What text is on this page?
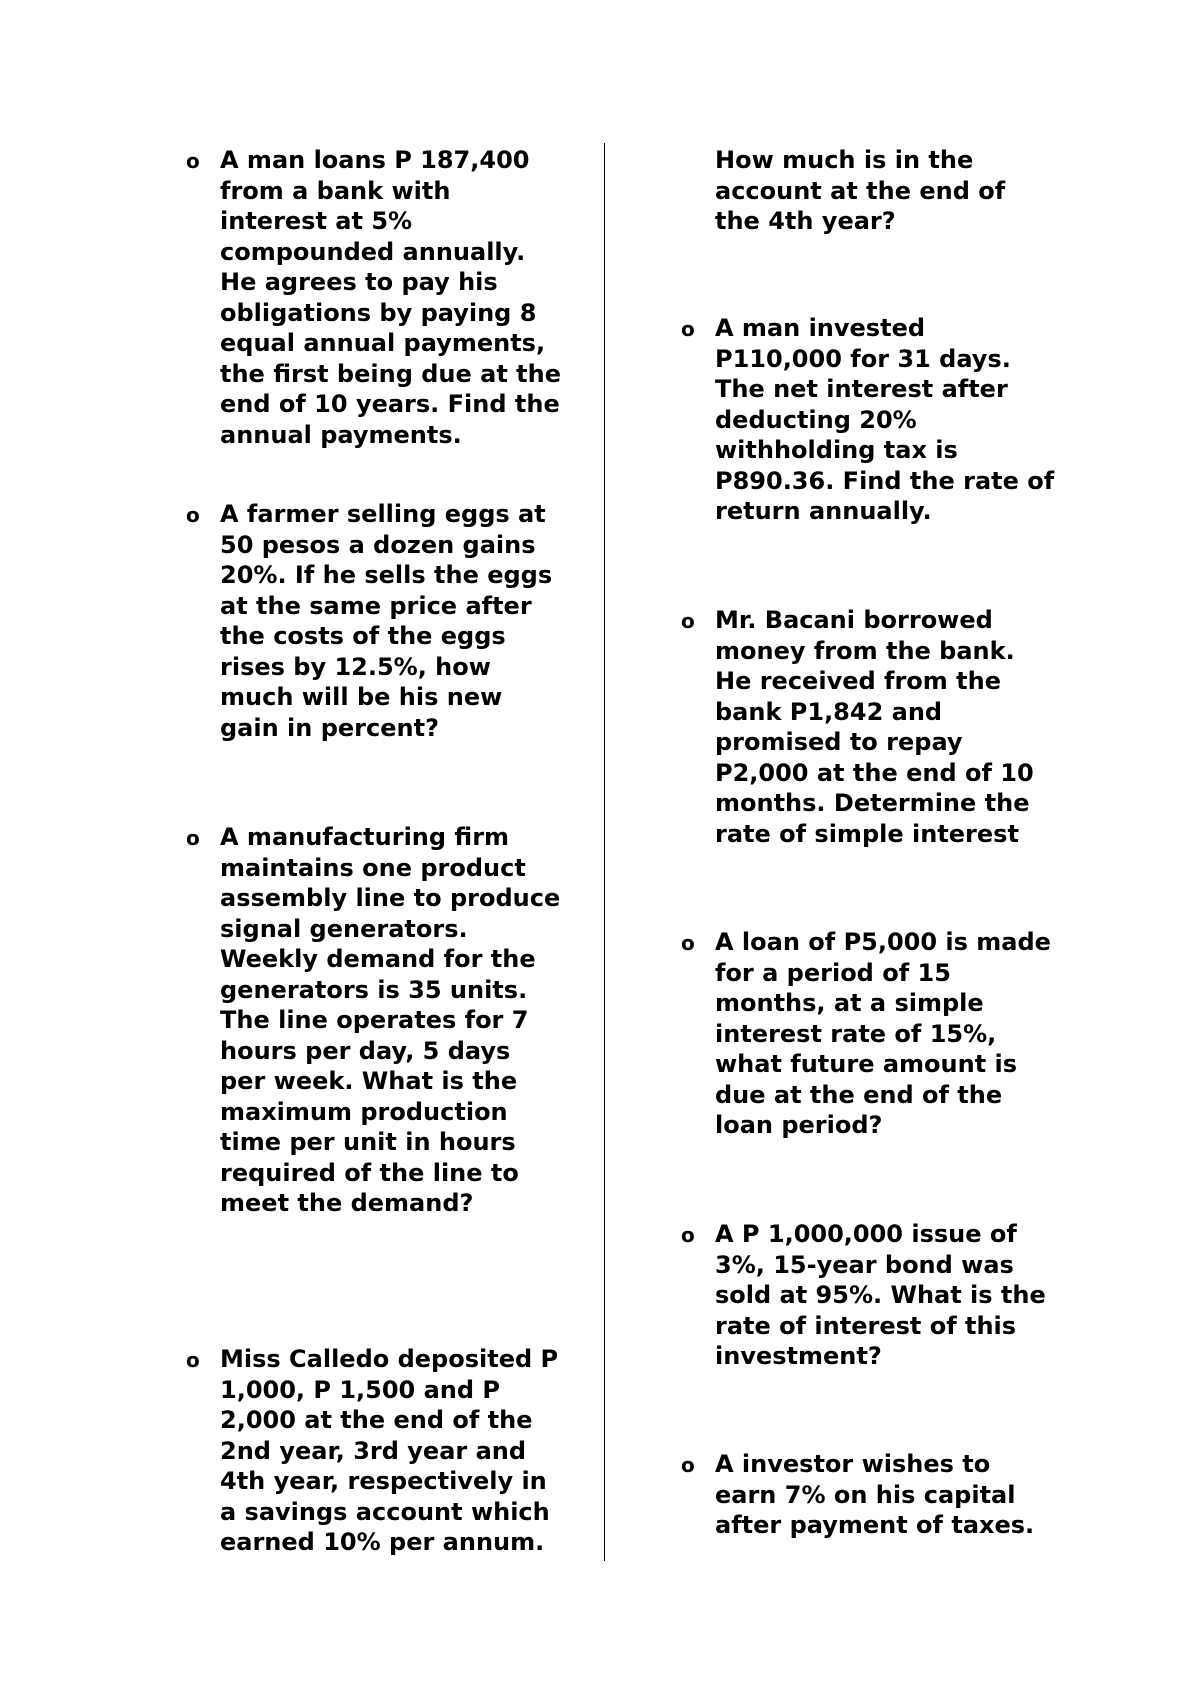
o A man loans P 187,400
from a bank with
interest at 5%
compounded annually.
He agrees to pay his
obligations by paying 8
equal annual payments,
the first being due at the
end of 10 years. Find the
annual payments.

o A farmer selling eggs at
50 pesos a dozen gains
20%. If he sells the eggs
at the same price after
the costs of the eggs
rises by 12.5%, how
much will be his new
gain in percent?

o A manufacturing firm
maintains one product
assembly line to produce
signal generators.
Weekly demand for the
generators is 35 units.
The line operates for 7
hours per day, 5 days
per week. What is the
maximum production
time per unit in hours
required of the line to
meet the demand?

o Miss Calledo deposited P
1,000, P 1,500 and P
2,000 at the end of the
2nd year, 3rd year and
4th year, respectively in
a savings account which
earned 10% per annum.

How much is in the
account at the end of
the 4th year?

o A man invested
P110,000 for 31 days.
The net interest after
deducting 20%
withholding tax is
P890.36. Find the rate of
return annually.

o Mr. Bacani borrowed
money from the bank.
He received from the
bank P1,842 and
promised to repay
P2,000 at the end of 10
months. Determine the
rate of simple interest

o A loan of P5,000 is made
for a period of 15
months, at a simple
interest rate of 15%,
what future amount is
due at the end of the
loan period?

o A P 1,000,000 issue of
3%, 15-year bond was
sold at 95%. What is the
rate of interest of this
investment?

o A investor wishes to
earn 7% on his capital
after payment of taxes.
